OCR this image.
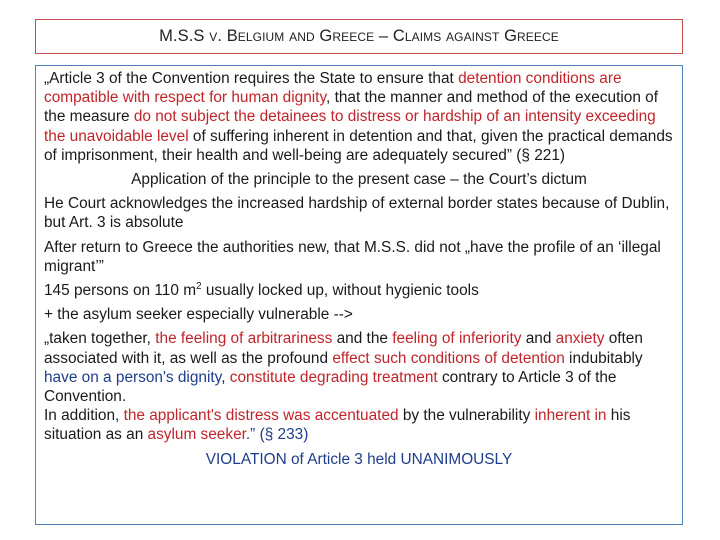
M.S.S v. Belgium and Greece – Claims against Greece

„Article 3 of the Convention requires the State to ensure that detention conditions are compatible with respect for human dignity, that the manner and method of the execution of the measure do not subject the detainees to distress or hardship of an intensity exceeding the unavoidable level of suffering inherent in detention and that, given the practical demands of imprisonment, their health and well-being are adequately secured” (§ 221)

Application of the principle to the present case – the Court’s dictum

He Court acknowledges the increased hardship of external border states because of Dublin, but Art. 3 is absolute

After return to Greece the authorities new, that M.S.S. did not „have the profile of an ‘illegal migrant’”

145 persons on 110 $m^2$ usually locked up, without hygienic tools

+ the asylum seeker especially vulnerable -->

„taken together, the feeling of arbitrariness and the feeling of inferiority and anxiety often associated with it, as well as the profound effect such conditions of detention indubitably have on a person's dignity, constitute degrading treatment contrary to Article 3 of the Convention.

In addition, the applicant's distress was accentuated by the vulnerability inherent in his situation as an asylum seeker.” (§ 233)

VIOLATION of Article 3 held UNANIMOUSLY
